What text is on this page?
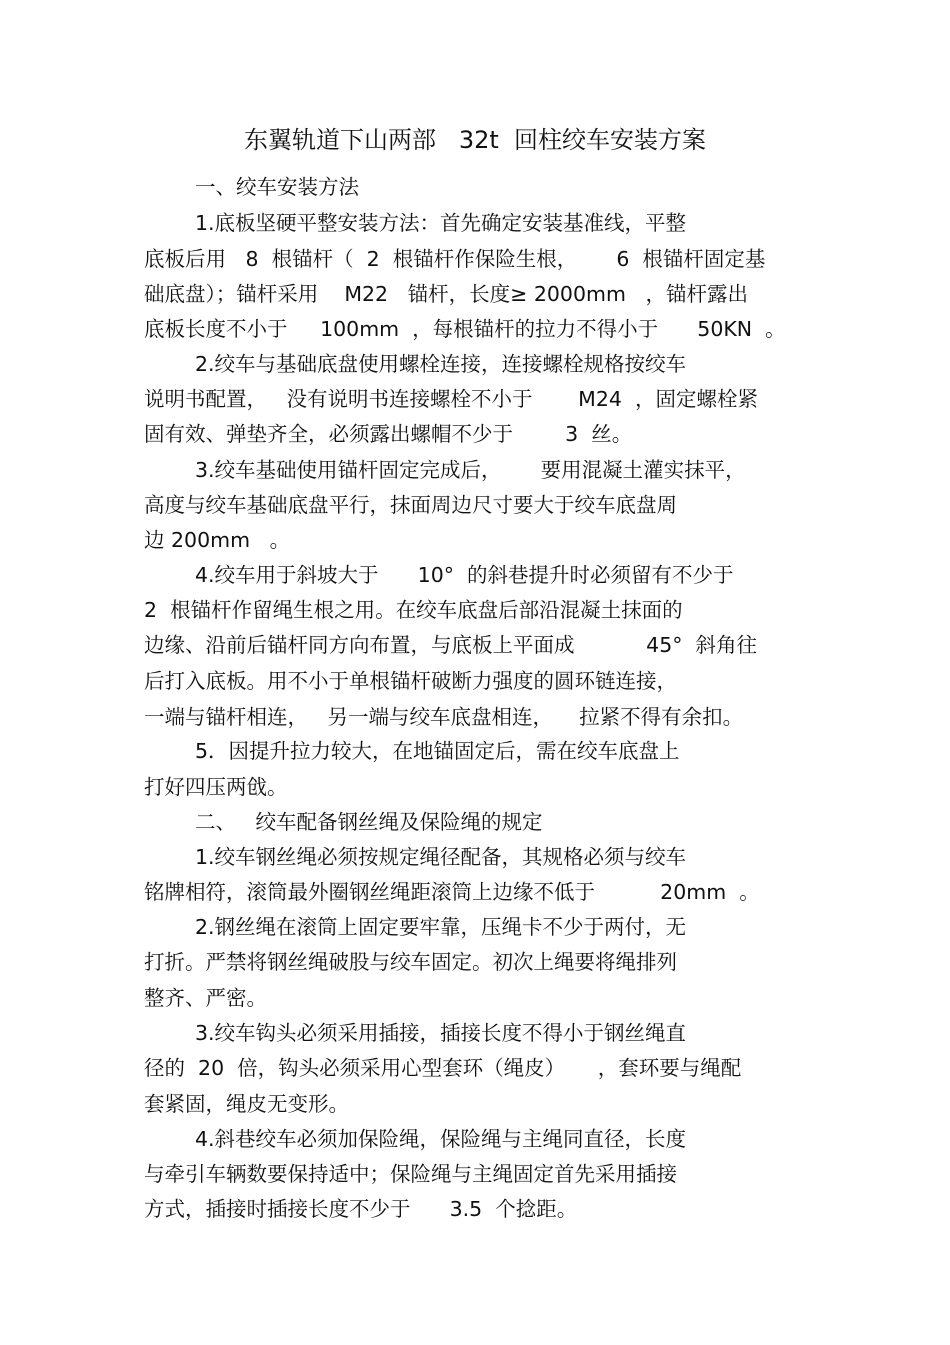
东翼轨道下山两部   32t  回柱绞车安装方案
一、绞车安装方法
1.底板坚硬平整安装方法：首先确定安装基准线，平整
底板后用   8  根锚杆（  2  根锚杆作保险生根，      6  根锚杆固定基
础底盘）；锚杆采用    M22   锚杆，长度≥ 2000mm   ，锚杆露出
底板长度不小于     100mm  ，每根锚杆的拉力不得小于      50KN  。
2.绞车与基础底盘使用螺栓连接，连接螺栓规格按绞车
说明书配置，   没有说明书连接螺栓不小于       M24  ，固定螺栓紧
固有效、弹垫齐全，必须露出螺帽不少于        3  丝。
3.绞车基础使用锚杆固定完成后，      要用混凝土灌实抹平，
高度与绞车基础底盘平行，抹面周边尺寸要大于绞车底盘周
边 200mm   。
4.绞车用于斜坡大于      10°  的斜巷提升时必须留有不少于
2  根锚杆作留绳生根之用。在绞车底盘后部沿混凝土抹面的
边缘、沿前后锚杆同方向布置，与底板上平面成           45°  斜角往
后打入底板。用不小于单根锚杆破断力强度的圆环链连接，
一端与锚杆相连，   另一端与绞车底盘相连，    拉紧不得有余扣。
5．因提升拉力较大，在地锚固定后，需在绞车底盘上
打好四压两戗。
二、   绞车配备钢丝绳及保险绳的规定
1.绞车钢丝绳必须按规定绳径配备，其规格必须与绞车
铭牌相符，滚筒最外圈钢丝绳距滚筒上边缘不低于          20mm  。
2.钢丝绳在滚筒上固定要牢靠，压绳卡不少于两付，无
打折。严禁将钢丝绳破股与绞车固定。初次上绳要将绳排列
整齐、严密。
3.绞车钩头必须采用插接，插接长度不得小于钢丝绳直
径的  20  倍，钩头必须采用心型套环（绳皮）     ，套环要与绳配
套紧固，绳皮无变形。
4.斜巷绞车必须加保险绳，保险绳与主绳同直径，长度
与牵引车辆数要保持适中；保险绳与主绳固定首先采用插接
方式，插接时插接长度不少于      3.5  个捻距。
